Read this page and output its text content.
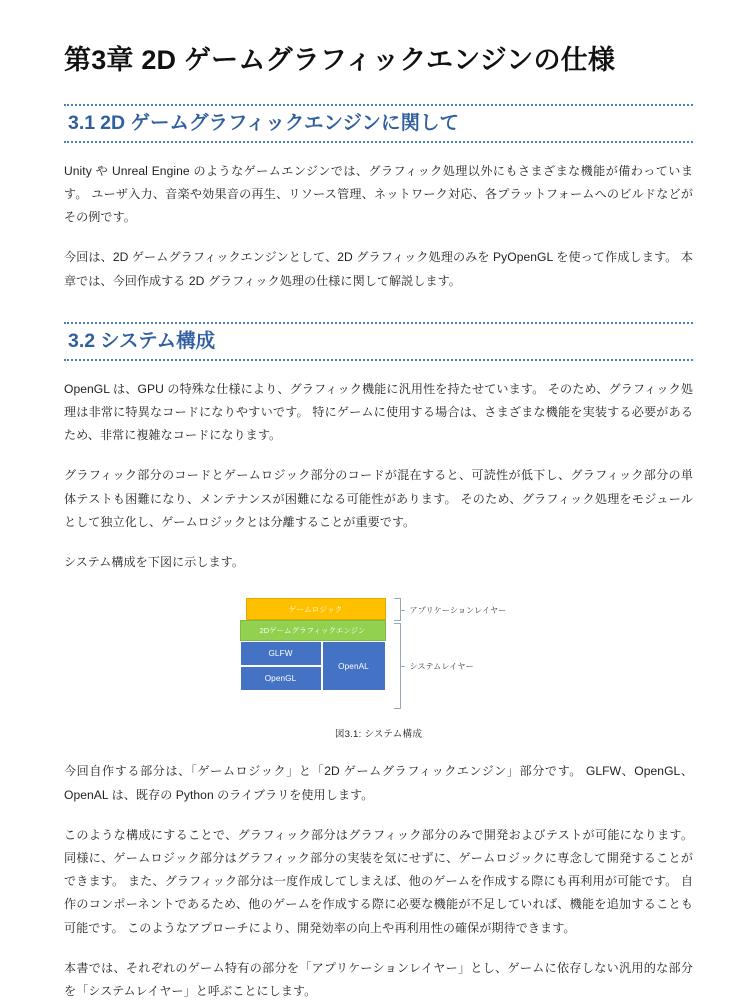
第3章 2D ゲームグラフィックエンジンの仕様
3.1 2D ゲームグラフィックエンジンに関して

Unity や Unreal Engine のようなゲームエンジンでは、グラフィック処理以外にもさまざまな機能が備わっています。 ユーザ入力、音楽や効果音の再生、リソース管理、ネットワーク対応、各プラットフォームへのビルドなどがその例です。

今回は、2D ゲームグラフィックエンジンとして、2D グラフィック処理のみを PyOpenGL を使って作成します。 本章では、今回作成する 2D グラフィック処理の仕様に関して解説します。

3.2 システム構成

OpenGL は、GPU の特殊な仕様により、グラフィック機能に汎用性を持たせています。 そのため、グラフィック処理は非常に特異なコードになりやすいです。 特にゲームに使用する場合は、さまざまな機能を実装する必要があるため、非常に複雑なコードになります。

グラフィック部分のコードとゲームロジック部分のコードが混在すると、可読性が低下し、グラフィック部分の単体テストも困難になり、メンテナンスが困難になる可能性があります。 そのため、グラフィック処理をモジュールとして独立化し、ゲームロジックとは分離することが重要です。

システム構成を下図に示します。

ゲームロジック
2Dゲームグラフィックエンジン
GLFW
OpenGL
OpenAL
アプリケーションレイヤー
システムレイヤー
図3.1: システム構成

今回自作する部分は、「ゲームロジック」と「2D ゲームグラフィックエンジン」部分です。 GLFW、OpenGL、OpenAL は、既存の Python のライブラリを使用します。

このような構成にすることで、グラフィック部分はグラフィック部分のみで開発およびテストが可能になります。 同様に、ゲームロジック部分はグラフィック部分の実装を気にせずに、ゲームロジックに専念して開発することができます。 また、グラフィック部分は一度作成してしまえば、他のゲームを作成する際にも再利用が可能です。 自作のコンポーネントであるため、他のゲームを作成する際に必要な機能が不足していれば、機能を追加することも可能です。 このようなアプローチにより、開発効率の向上や再利用性の確保が期待できます。

本書では、それぞれのゲーム特有の部分を「アプリケーションレイヤー」とし、ゲームに依存しない汎用的な部分を「システムレイヤー」と呼ぶことにします。
